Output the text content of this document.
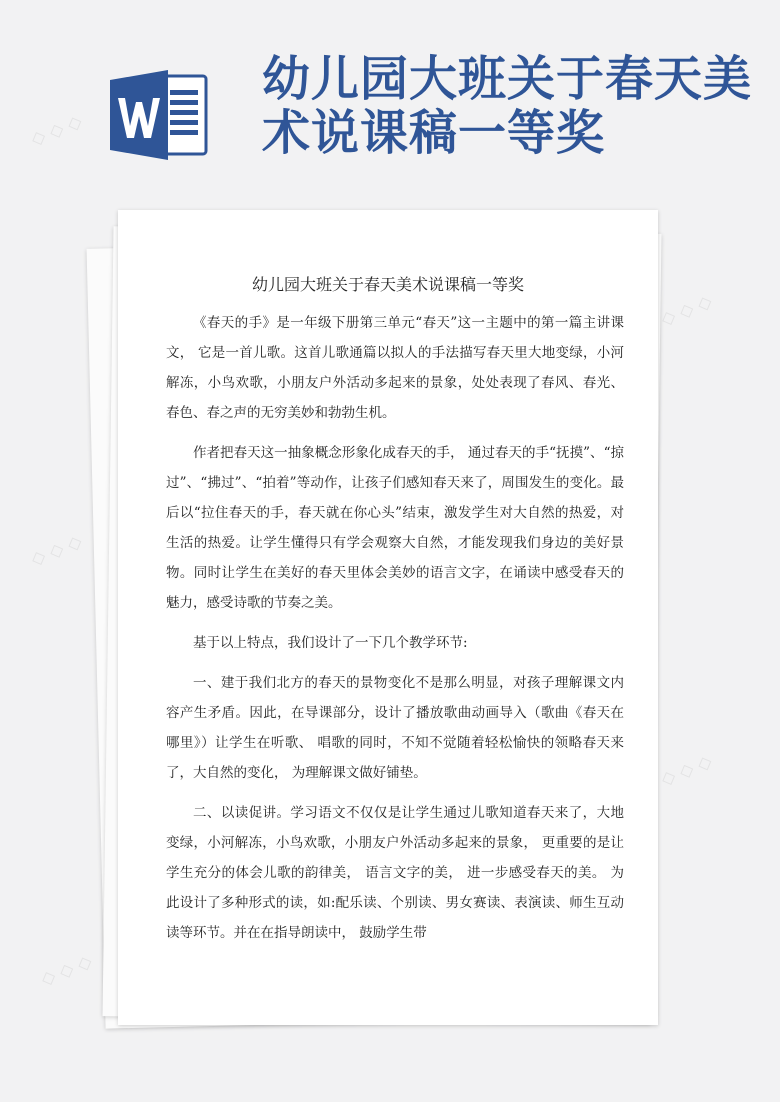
幼儿园大班关于春天美术说课稿一等奖
幼儿园大班关于春天美术说课稿一等奖

《春天的手》是一年级下册第三单元“春天”这一主题中的第一篇主讲课文， 它是一首儿歌。这首儿歌通篇以拟人的手法描写春天里大地变绿，小河解冻，小鸟欢歌，小朋友户外活动多起来的景象，处处表现了春风、春光、春色、春之声的无穷美妙和勃勃生机。

作者把春天这一抽象概念形象化成春天的手， 通过春天的手“抚摸”、“掠过”、“拂过”、“拍着”等动作，让孩子们感知春天来了，周围发生的变化。最后以“拉住春天的手，春天就在你心头”结束，激发学生对大自然的热爱，对生活的热爱。让学生懂得只有学会观察大自然，才能发现我们身边的美好景物。同时让学生在美好的春天里体会美妙的语言文字，在诵读中感受春天的魅力，感受诗歌的节奏之美。

基于以上特点，我们设计了一下几个教学环节:

一、建于我们北方的春天的景物变化不是那么明显，对孩子理解课文内容产生矛盾。因此，在导课部分，设计了播放歌曲动画导入（歌曲《春天在哪里》）让学生在听歌、 唱歌的同时，不知不觉随着轻松愉快的领略春天来了，大自然的变化， 为理解课文做好铺垫。

二、以读促讲。学习语文不仅仅是让学生通过儿歌知道春天来了，大地变绿，小河解冻，小鸟欢歌，小朋友户外活动多起来的景象， 更重要的是让学生充分的体会儿歌的韵律美， 语言文字的美， 进一步感受春天的美。 为此设计了多种形式的读，如:配乐读、个别读、男女赛读、表演读、师生互动读等环节。并在在指导朗读中， 鼓励学生带

◇ ◇ ◇
◇ ◇ ◇
◇ ◇ ◇
◇ ◇ ◇
◇ ◇ ◇
